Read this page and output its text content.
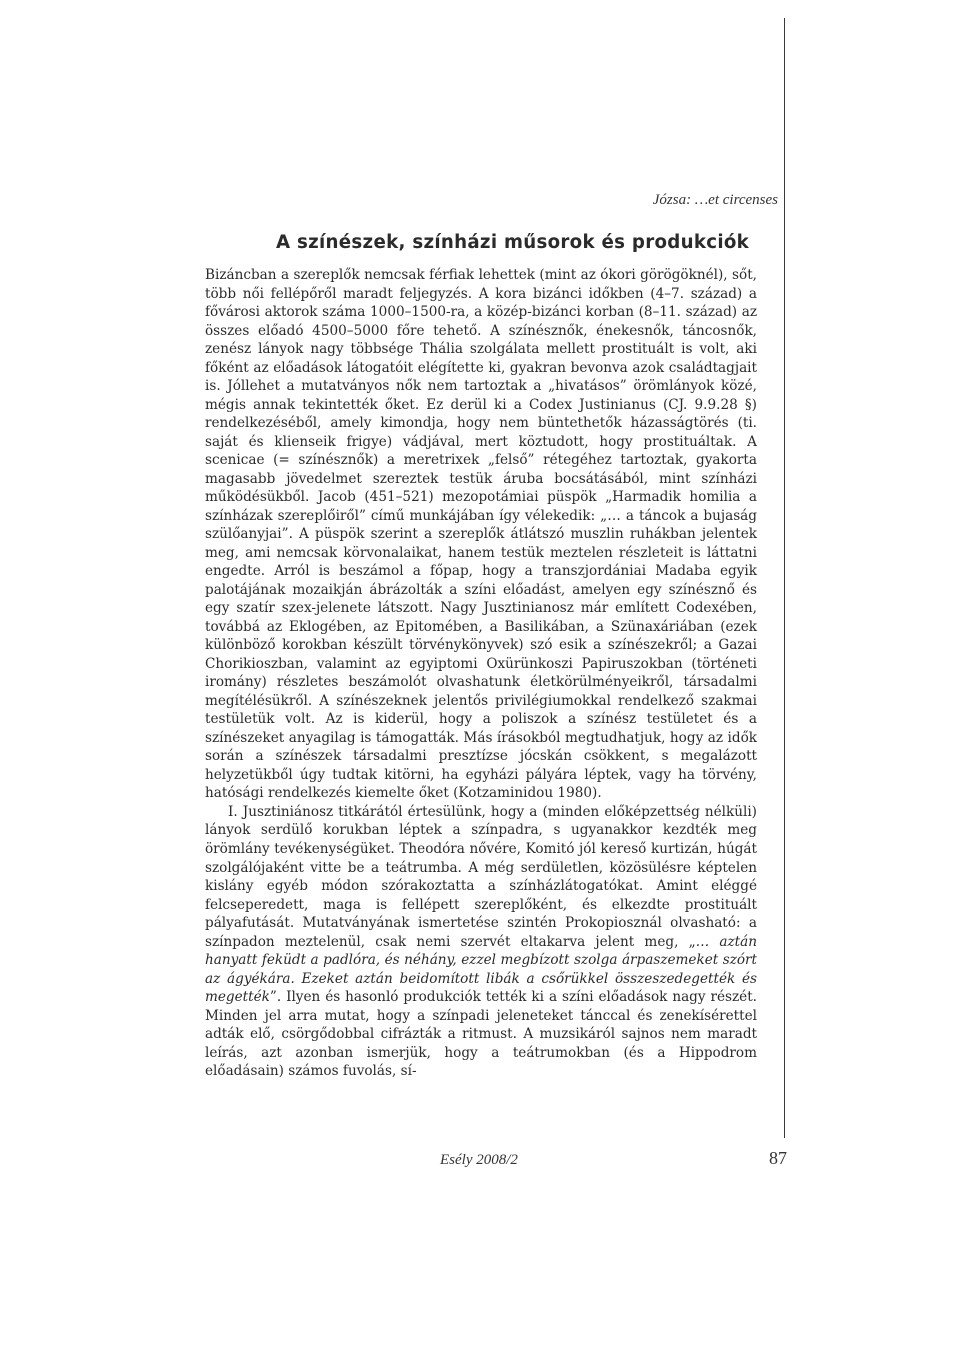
Józsa: …et circenses
A színészek, színházi műsorok és produkciók

Bizáncban a szereplők nemcsak férfiak lehettek (mint az ókori görögöknél), sőt, több női fellépőről maradt feljegyzés. A kora bizánci időkben (4–7. század) a fővárosi aktorok száma 1000–1500-ra, a közép-bizánci korban (8–11. század) az összes előadó 4500–5000 főre tehető. A színésznők, énekesnők, táncosnők, zenész lányok nagy többsége Thália szolgálata mellett prostituált is volt, aki főként az előadások látogatóit elégítette ki, gyakran bevonva azok családtagjait is. Jóllehet a mutatványos nők nem tartoztak a „hivatásos” örömlányok közé, mégis annak tekintették őket. Ez derül ki a Codex Justinianus (CJ. 9.9.28 §) rendelkezéséből, amely kimondja, hogy nem büntethetők házasságtörés (ti. saját és klienseik frigye) vádjával, mert köztudott, hogy prostituáltak. A scenicae (= színésznők) a meretrixek „felső” rétegéhez tartoztak, gyakorta magasabb jövedelmet szereztek testük áruba bocsátásából, mint színházi működésükből. Jacob (451–521) mezopotámiai püspök „Harmadik homilia a színházak szereplőiről” című munkájában így vélekedik: „… a táncok a bujaság szülőanyjai”. A püspök szerint a szereplők átlátszó muszlin ruhákban jelentek meg, ami nemcsak körvonalaikat, hanem testük meztelen részleteit is láttatni engedte. Arról is beszámol a főpap, hogy a transzjordániai Madaba egyik palotájának mozaikján ábrázolták a színi előadást, amelyen egy színésznő és egy szatír szex-jelenete látszott. Nagy Jusztinianosz már említett Codexében, továbbá az Eklogében, az Epitomében, a Basilikában, a Szünaxáriában (ezek különböző korokban készült törvénykönyvek) szó esik a színészekről; a Gazai Chorikioszban, valamint az egyiptomi Oxürünkoszi Papiruszokban (történeti iromány) részletes beszámolót olvashatunk életkörülményeikről, társadalmi megítélésükről. A színészeknek jelentős privilégiumokkal rendelkező szakmai testületük volt. Az is kiderül, hogy a poliszok a színész testületet és a színészeket anyagilag is támogatták. Más írásokból megtudhatjuk, hogy az idők során a színészek társadalmi presztízse jócskán csökkent, s megalázott helyzetükből úgy tudtak kitörni, ha egyházi pályára léptek, vagy ha törvény, hatósági rendelkezés kiemelte őket (Kotzaminidou 1980).

I. Jusztiniánosz titkárától értesülünk, hogy a (minden előképzettség nélküli) lányok serdülő korukban léptek a színpadra, s ugyanakkor kezdték meg örömlány tevékenységüket. Theodóra nővére, Komitó jól kereső kurtizán, húgát szolgálójaként vitte be a teátrumba. A még serdületlen, közösülésre képtelen kislány egyéb módon szórakoztatta a színházlátogatókat. Amint eléggé felcseperedett, maga is fellépett szereplőként, és elkezdte prostituált pályafutását. Mutatványának ismertetése szintén Prokopiosznál olvasható: a színpadon meztelenül, csak nemi szervét eltakarva jelent meg, „… aztán hanyatt feküdt a padlóra, és néhány, ezzel megbízott szolga árpaszemeket szórt az ágyékára. Ezeket aztán beidomított libák a csőrükkel összeszedegették és megették”. Ilyen és hasonló produkciók tették ki a színi előadások nagy részét. Minden jel arra mutat, hogy a színpadi jeleneteket tánccal és zenekísérettel adták elő, csörgődobbal cifrázták a ritmust. A muzsikáról sajnos nem maradt leírás, azt azonban ismerjük, hogy a teátrumokban (és a Hippodrom előadásain) számos fuvolás, sí-

Esély 2008/2	87
